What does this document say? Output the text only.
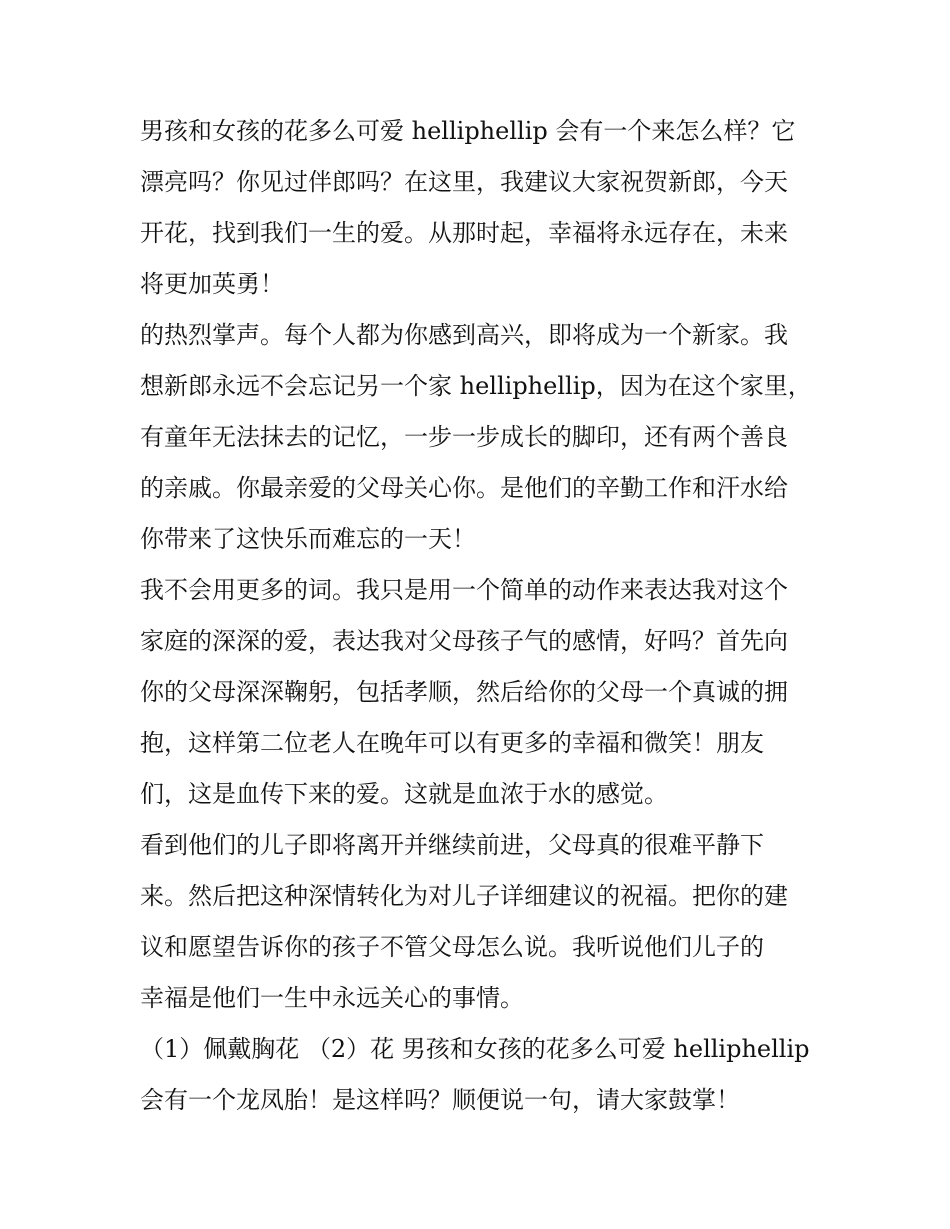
男孩和女孩的花多么可爱 helliphellip 会有一个来怎么样？它
漂亮吗？你见过伴郎吗？在这里，我建议大家祝贺新郎，今天
开花，找到我们一生的爱。从那时起，幸福将永远存在，未来
将更加英勇！
的热烈掌声。每个人都为你感到高兴，即将成为一个新家。我
想新郎永远不会忘记另一个家 helliphellip，因为在这个家里，
有童年无法抹去的记忆，一步一步成长的脚印，还有两个善良
的亲戚。你最亲爱的父母关心你。是他们的辛勤工作和汗水给
你带来了这快乐而难忘的一天！
我不会用更多的词。我只是用一个简单的动作来表达我对这个
家庭的深深的爱，表达我对父母孩子气的感情，好吗？首先向
你的父母深深鞠躬，包括孝顺，然后给你的父母一个真诚的拥
抱，这样第二位老人在晚年可以有更多的幸福和微笑！朋友
们，这是血传下来的爱。这就是血浓于水的感觉。
看到他们的儿子即将离开并继续前进，父母真的很难平静下
来。然后把这种深情转化为对儿子详细建议的祝福。把你的建
议和愿望告诉你的孩子不管父母怎么说。我听说他们儿子的
幸福是他们一生中永远关心的事情。
（1）佩戴胸花 （2）花 男孩和女孩的花多么可爱 helliphellip
会有一个龙凤胎！是这样吗？顺便说一句，请大家鼓掌！
